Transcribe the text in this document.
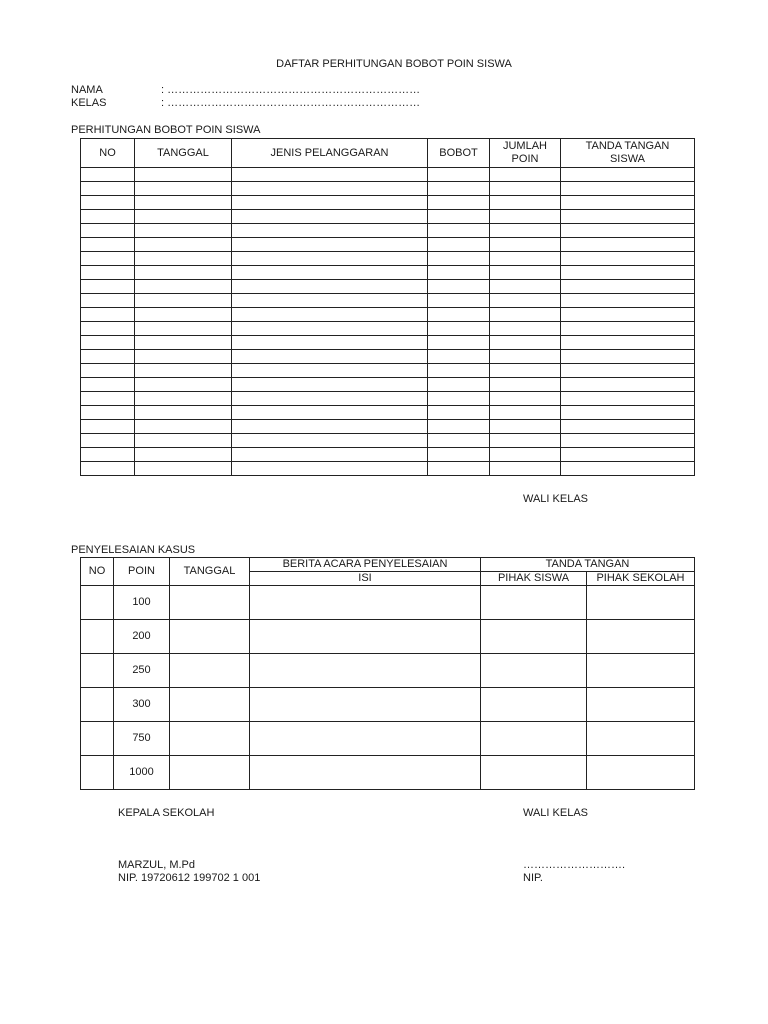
DAFTAR PERHITUNGAN BOBOT POIN SISWA
NAMA	: ……………………………………………………………
KELAS	: ……………………………………………………………
PERHITUNGAN BOBOT POIN SISWA
NO	TANGGAL	JENIS PELANGGARAN	BOBOT	JUMLAH POIN	TANDA TANGAN SISWA

WALI KELAS
PENYELESAIAN KASUS
NO	POIN	TANGGAL	BERITA ACARA PENYELESAIAN	TANDA TANGAN	
			ISI	PIHAK SISWA	PIHAK SEKOLAH
	100				
	200				
	250				
	300				
	750				
	1000				
KEPALA SEKOLAH	WALI KELAS
MARZUL, M.Pd
NIP. 19720612 199702 1 001
……………………….
NIP.
